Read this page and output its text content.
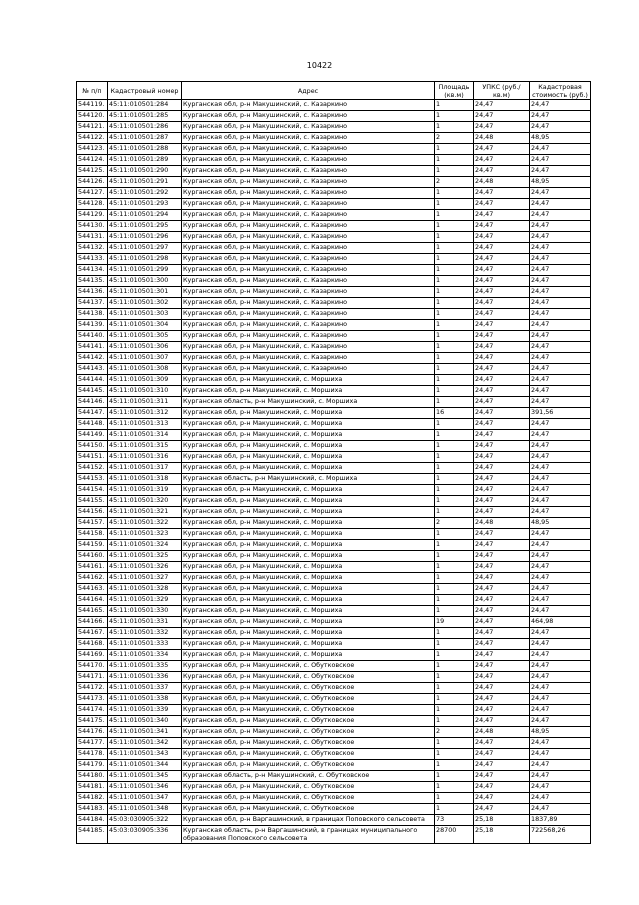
10422
№ п/п	Кадастровый номер	Адрес	Площадь (кв.м)	УПКС (руб./кв.м)	Кадастровая стоимость (руб.)
544119.	45:11:010501:284	Курганская обл, р-н Макушинский, с. Казаркино	1	24,47	24,47
544120.	45:11:010501:285	Курганская обл, р-н Макушинский, с. Казаркино	1	24,47	24,47
544121.	45:11:010501:286	Курганская обл, р-н Макушинский, с. Казаркино	1	24,47	24,47
544122.	45:11:010501:287	Курганская обл, р-н Макушинский, с. Казаркино	2	24,48	48,95
544123.	45:11:010501:288	Курганская обл, р-н Макушинский, с. Казаркино	1	24,47	24,47
544124.	45:11:010501:289	Курганская обл, р-н Макушинский, с. Казаркино	1	24,47	24,47
544125.	45:11:010501:290	Курганская обл, р-н Макушинский, с. Казаркино	1	24,47	24,47
544126.	45:11:010501:291	Курганская обл, р-н Макушинский, с. Казаркино	2	24,48	48,95
544127.	45:11:010501:292	Курганская обл, р-н Макушинский, с. Казаркино	1	24,47	24,47
544128.	45:11:010501:293	Курганская обл, р-н Макушинский, с. Казаркино	1	24,47	24,47
544129.	45:11:010501:294	Курганская обл, р-н Макушинский, с. Казаркино	1	24,47	24,47
544130.	45:11:010501:295	Курганская обл, р-н Макушинский, с. Казаркино	1	24,47	24,47
544131.	45:11:010501:296	Курганская обл, р-н Макушинский, с. Казаркино	1	24,47	24,47
544132.	45:11:010501:297	Курганская обл, р-н Макушинский, с. Казаркино	1	24,47	24,47
544133.	45:11:010501:298	Курганская обл, р-н Макушинский, с. Казаркино	1	24,47	24,47
544134.	45:11:010501:299	Курганская обл, р-н Макушинский, с. Казаркино	1	24,47	24,47
544135.	45:11:010501:300	Курганская обл, р-н Макушинский, с. Казаркино	1	24,47	24,47
544136.	45:11:010501:301	Курганская обл, р-н Макушинский, с. Казаркино	1	24,47	24,47
544137.	45:11:010501:302	Курганская обл, р-н Макушинский, с. Казаркино	1	24,47	24,47
544138.	45:11:010501:303	Курганская обл, р-н Макушинский, с. Казаркино	1	24,47	24,47
544139.	45:11:010501:304	Курганская обл, р-н Макушинский, с. Казаркино	1	24,47	24,47
544140.	45:11:010501:305	Курганская обл, р-н Макушинский, с. Казаркино	1	24,47	24,47
544141.	45:11:010501:306	Курганская обл, р-н Макушинский, с. Казаркино	1	24,47	24,47
544142.	45:11:010501:307	Курганская обл, р-н Макушинский, с. Казаркино	1	24,47	24,47
544143.	45:11:010501:308	Курганская обл, р-н Макушинский, с. Казаркино	1	24,47	24,47
544144.	45:11:010501:309	Курганская обл, р-н Макушинский, с. Моршиха	1	24,47	24,47
544145.	45:11:010501:310	Курганская обл, р-н Макушинский, с. Моршиха	1	24,47	24,47
544146.	45:11:010501:311	Курганская область, р-н Макушинский, с. Моршиха	1	24,47	24,47
544147.	45:11:010501:312	Курганская обл, р-н Макушинский, с. Моршиха	16	24,47	391,56
544148.	45:11:010501:313	Курганская обл, р-н Макушинский, с. Моршиха	1	24,47	24,47
544149.	45:11:010501:314	Курганская обл, р-н Макушинский, с. Моршиха	1	24,47	24,47
544150.	45:11:010501:315	Курганская обл, р-н Макушинский, с. Моршиха	1	24,47	24,47
544151.	45:11:010501:316	Курганская обл, р-н Макушинский, с. Моршиха	1	24,47	24,47
544152.	45:11:010501:317	Курганская обл, р-н Макушинский, с. Моршиха	1	24,47	24,47
544153.	45:11:010501:318	Курганская область, р-н Макушинский, с. Моршиха	1	24,47	24,47
544154.	45:11:010501:319	Курганская обл, р-н Макушинский, с. Моршиха	1	24,47	24,47
544155.	45:11:010501:320	Курганская обл, р-н Макушинский, с. Моршиха	1	24,47	24,47
544156.	45:11:010501:321	Курганская обл, р-н Макушинский, с. Моршиха	1	24,47	24,47
544157.	45:11:010501:322	Курганская обл, р-н Макушинский, с. Моршиха	2	24,48	48,95
544158.	45:11:010501:323	Курганская обл, р-н Макушинский, с. Моршиха	1	24,47	24,47
544159.	45:11:010501:324	Курганская обл, р-н Макушинский, с. Моршиха	1	24,47	24,47
544160.	45:11:010501:325	Курганская обл, р-н Макушинский, с. Моршиха	1	24,47	24,47
544161.	45:11:010501:326	Курганская обл, р-н Макушинский, с. Моршиха	1	24,47	24,47
544162.	45:11:010501:327	Курганская обл, р-н Макушинский, с. Моршиха	1	24,47	24,47
544163.	45:11:010501:328	Курганская обл, р-н Макушинский, с. Моршиха	1	24,47	24,47
544164.	45:11:010501:329	Курганская обл, р-н Макушинский, с. Моршиха	1	24,47	24,47
544165.	45:11:010501:330	Курганская обл, р-н Макушинский, с. Моршиха	1	24,47	24,47
544166.	45:11:010501:331	Курганская обл, р-н Макушинский, с. Моршиха	19	24,47	464,98
544167.	45:11:010501:332	Курганская обл, р-н Макушинский, с. Моршиха	1	24,47	24,47
544168.	45:11:010501:333	Курганская обл, р-н Макушинский, с. Моршиха	1	24,47	24,47
544169.	45:11:010501:334	Курганская обл, р-н Макушинский, с. Моршиха	1	24,47	24,47
544170.	45:11:010501:335	Курганская обл, р-н Макушинский, с. Обутковское	1	24,47	24,47
544171.	45:11:010501:336	Курганская обл, р-н Макушинский, с. Обутковское	1	24,47	24,47
544172.	45:11:010501:337	Курганская обл, р-н Макушинский, с. Обутковское	1	24,47	24,47
544173.	45:11:010501:338	Курганская обл, р-н Макушинский, с. Обутковское	1	24,47	24,47
544174.	45:11:010501:339	Курганская обл, р-н Макушинский, с. Обутковское	1	24,47	24,47
544175.	45:11:010501:340	Курганская обл, р-н Макушинский, с. Обутковское	1	24,47	24,47
544176.	45:11:010501:341	Курганская обл, р-н Макушинский, с. Обутковское	2	24,48	48,95
544177.	45:11:010501:342	Курганская обл, р-н Макушинский, с. Обутковское	1	24,47	24,47
544178.	45:11:010501:343	Курганская обл, р-н Макушинский, с. Обутковское	1	24,47	24,47
544179.	45:11:010501:344	Курганская обл, р-н Макушинский, с. Обутковское	1	24,47	24,47
544180.	45:11:010501:345	Курганская область, р-н Макушинский, с. Обутковское	1	24,47	24,47
544181.	45:11:010501:346	Курганская обл, р-н Макушинский, с. Обутковское	1	24,47	24,47
544182.	45:11:010501:347	Курганская обл, р-н Макушинский, с. Обутковское	1	24,47	24,47
544183.	45:11:010501:348	Курганская обл, р-н Макушинский, с. Обутковское	1	24,47	24,47
544184.	45:03:030905:322	Курганская обл, р-н Варгашинский, в границах Поповского сельсовета	73	25,18	1837,89
544185.	45:03:030905:336	Курганская область, р-н Варгашинский, в границах муниципального образования Поповского сельсовета	28700	25,18	722568,26
